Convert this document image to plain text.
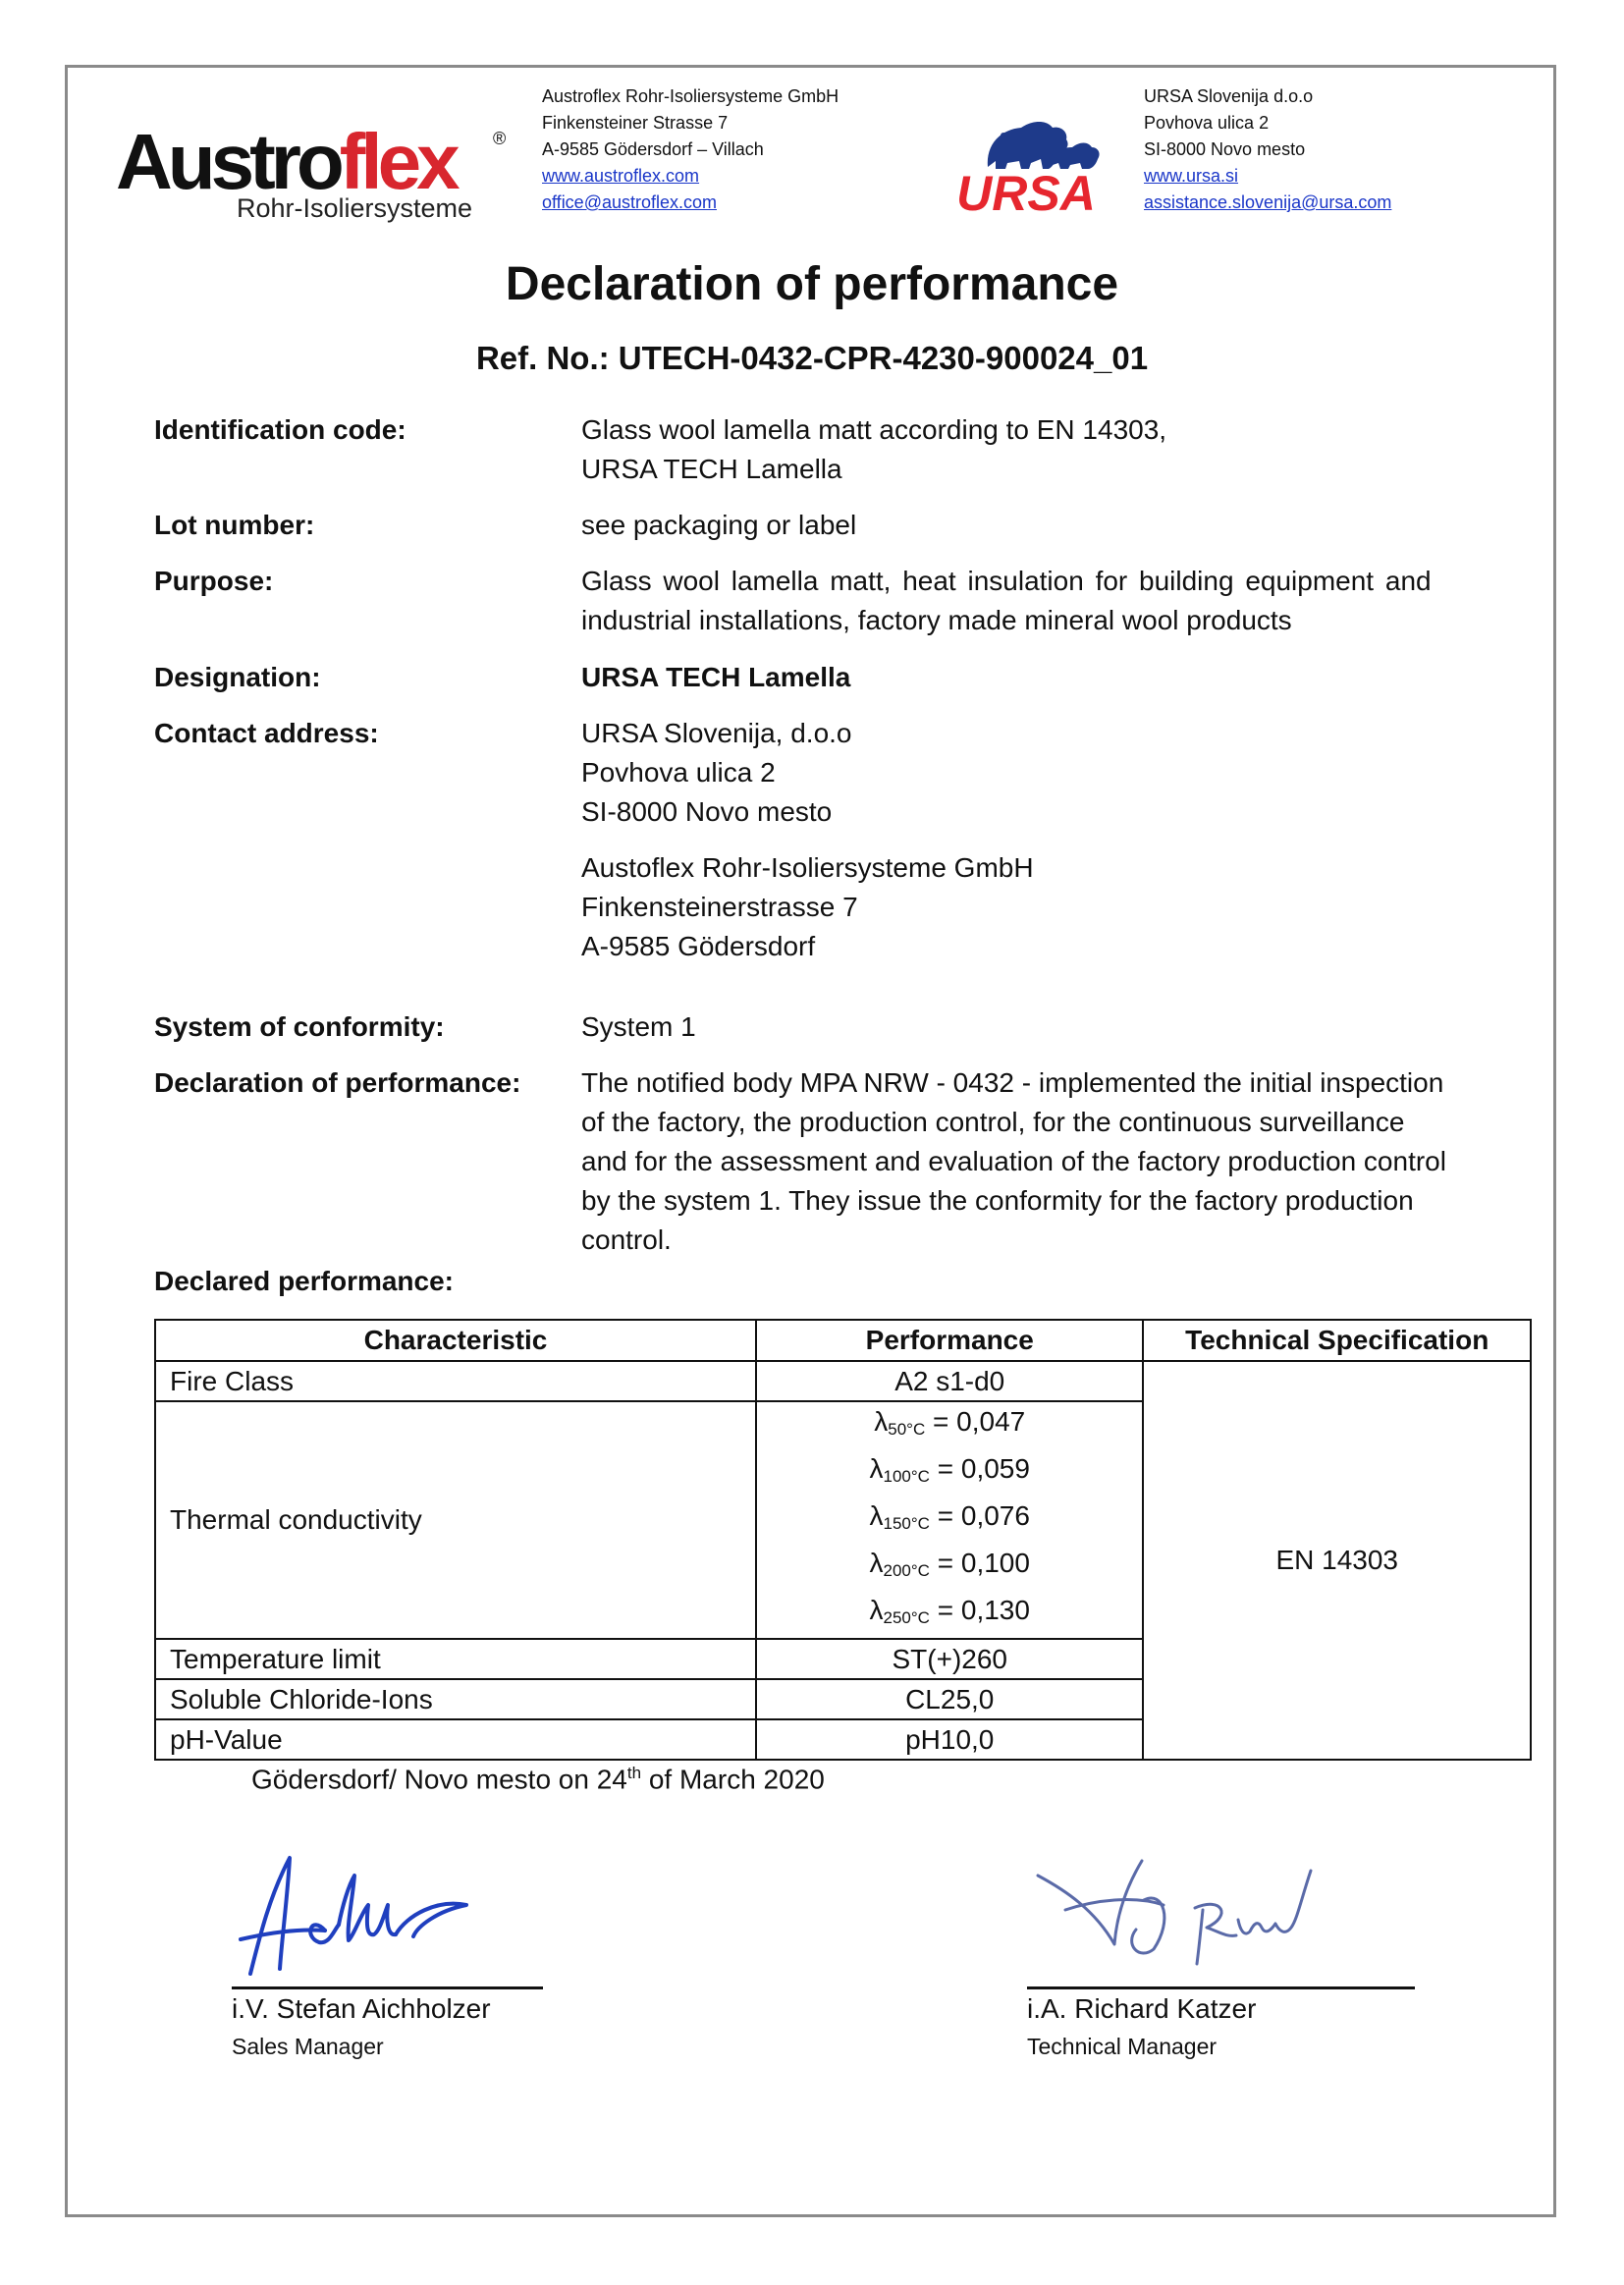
Austroflex ®
Rohr-Isoliersysteme
Austroflex Rohr-Isoliersysteme GmbH
Finkensteiner Strasse 7
A-9585 Gödersdorf – Villach
www.austroflex.com
office@austroflex.com	URSA
URSA Slovenija d.o.o
Povhova ulica 2
SI-8000 Novo mesto
www.ursa.si
assistance.slovenija@ursa.com
Declaration of performance
Ref. No.: UTECH-0432-CPR-4230-900024_01
Identification code:	Glass wool lamella matt according to EN 14303,
URSA TECH Lamella
Lot number:	see packaging or label
Purpose:	Glass wool lamella matt, heat insulation for building equipment and
industrial installations, factory made mineral wool products
Designation:	URSA TECH Lamella
Contact address:	URSA Slovenija, d.o.o
Povhova ulica 2
SI-8000 Novo mesto
Austoflex Rohr-Isoliersysteme GmbH
Finkensteinerstrasse 7
A-9585 Gödersdorf
System of conformity:	System 1
Declaration of performance: The notified body MPA NRW - 0432 - implemented the initial inspection
of the factory, the production control, for the continuous surveillance
and for the assessment and evaluation of the factory production control
by the system 1. They issue the conformity for the factory production
control.
Declared performance:
Characteristic	Performance	Technical Specification
Fire Class	A2 s1-d0	EN 14303
Thermal conductivity	$\lambda_{50^\circ C} = 0,047$
$\lambda_{100^\circ C} = 0,059$
$\lambda_{150^\circ C} = 0,076$
$\lambda_{200^\circ C} = 0,100$
$\lambda_{250^\circ C} = 0,130$	

Temperature limit	ST(+)260	
Soluble Chloride-Ions	CL25,0	
pH-Value	pH10,0	
Gödersdorf/ Novo mesto on 24th of March 2020
i.V. Stefan Aichholzer
Sales Manager
i.A. Richard Katzer
Technical Manager
